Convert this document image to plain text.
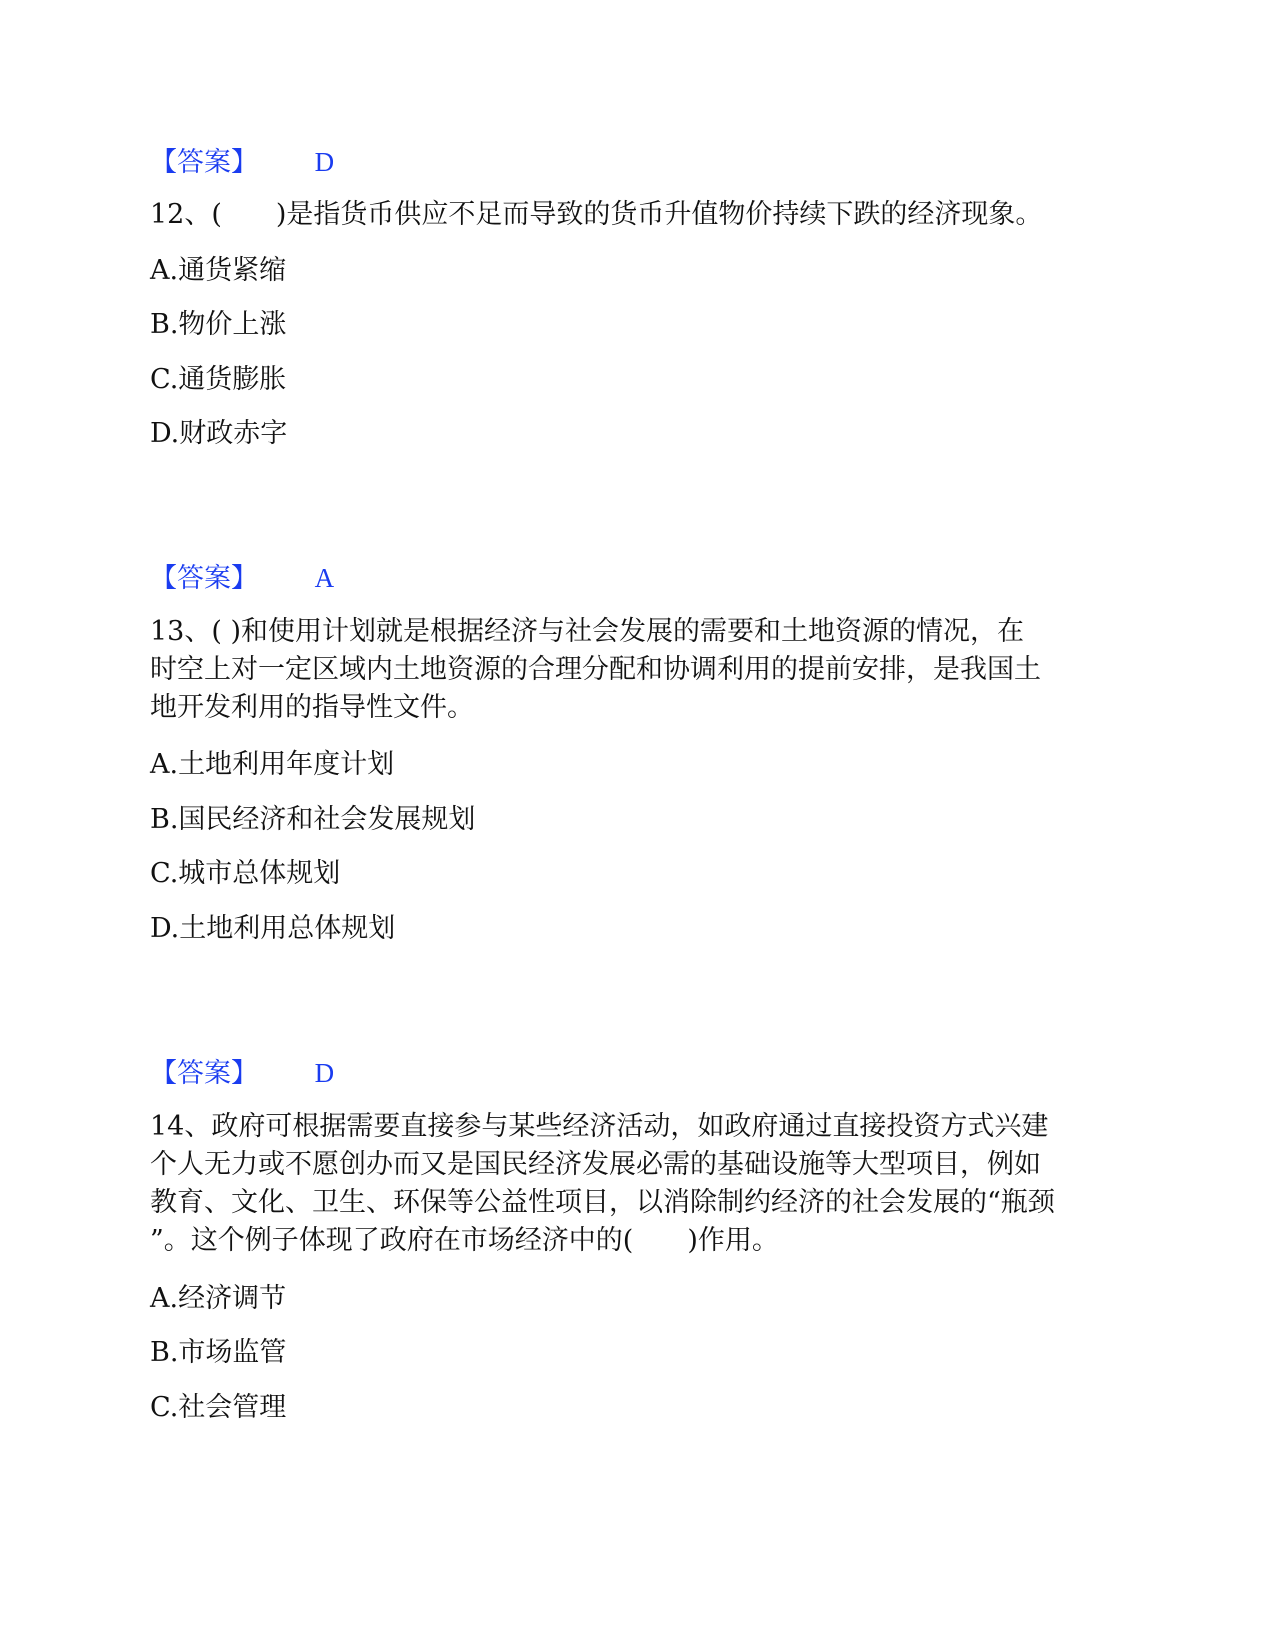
【答案】 D

12、(　　)是指货币供应不足而导致的货币升值物价持续下跌的经济现象。

A.通货紧缩

B.物价上涨

C.通货膨胀

D.财政赤字

【答案】 A

13、( )和使用计划就是根据经济与社会发展的需要和土地资源的情况，在

时空上对一定区域内土地资源的合理分配和协调利用的提前安排，是我国土

地开发利用的指导性文件。

A.土地利用年度计划

B.国民经济和社会发展规划

C.城市总体规划

D.土地利用总体规划

【答案】 D

14、政府可根据需要直接参与某些经济活动，如政府通过直接投资方式兴建

个人无力或不愿创办而又是国民经济发展必需的基础设施等大型项目，例如

教育、文化、卫生、环保等公益性项目，以消除制约经济的社会发展的“瓶颈

”。这个例子体现了政府在市场经济中的(　　)作用。

A.经济调节

B.市场监管

C.社会管理
